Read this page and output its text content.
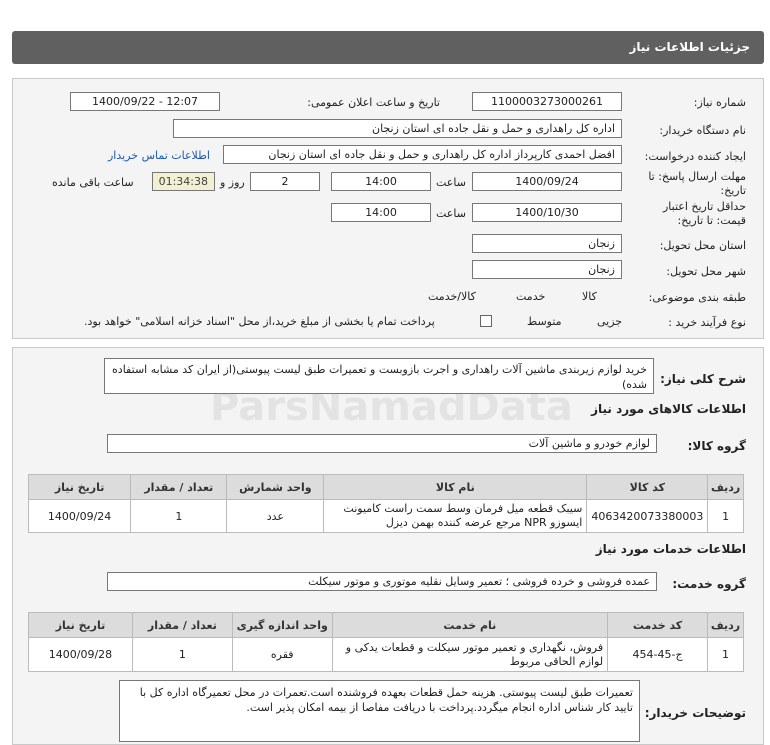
جزئیات اطلاعات نیاز
شماره نیاز:
1100003273000261
تاریخ و ساعت اعلان عمومی:
1400/09/22 - 12:07
نام دستگاه خریدار:
اداره کل راهداری و حمل و نقل جاده ای استان زنجان
ایجاد کننده درخواست:
افضل احمدی کارپرداز اداره کل راهداری و حمل و نقل جاده ای استان زنجان
اطلاعات تماس خریدار
مهلت ارسال پاسخ: تا
تاریخ:
1400/09/24
ساعت
14:00
2
روز و
01:34:38
ساعت باقی مانده
حداقل تاریخ اعتبار
قیمت: تا تاریخ:
1400/10/30
ساعت
14:00
استان محل تحویل:
زنجان
شهر محل تحویل:
زنجان
طبقه بندی موضوعی:

کالا

خدمت

کالا/خدمت
نوع فرآیند خرید :

جزیی
متوسط
پرداخت تمام یا بخشی از مبلغ خرید،از محل "اسناد خزانه اسلامی" خواهد بود.
شرح کلی نیاز:
خرید لوازم زیربندی ماشین آلات راهداری و اجرت بازوبست و تعمیرات طبق لیست پیوستی(از ایران کد مشابه استفاده شده)
اطلاعات کالاهای مورد نیاز
گروه کالا:
لوازم خودرو و ماشین آلات
ردیف	کد کالا	نام کالا	واحد شمارش	تعداد / مقدار	تاریخ نیاز
1	4063420073380003	سیبک قطعه میل فرمان وسط سمت راست کامیونت ایسوزو NPR مرجع عرضه کننده بهمن دیزل	عدد	1	1400/09/24
اطلاعات خدمات مورد نیاز
گروه خدمت:
عمده فروشی و خرده فروشی ؛ تعمیر وسایل نقلیه موتوری و موتور سیکلت
ردیف	کد خدمت	نام خدمت	واحد اندازه گیری	تعداد / مقدار	تاریخ نیاز
1	ج-45-454	فروش، نگهداری و تعمیر موتور سیکلت و قطعات یدکی و لوازم الحاقی مربوط	فقره	1	1400/09/28
توضیحات خریدار:
تعمیرات طبق لیست پیوستی. هزینه حمل قطعات بعهده فروشنده است.تعمرات در محل تعمیرگاه اداره کل با تایید کار شناس اداره انجام میگردد.پرداخت با دریافت مفاصا از بیمه امکان پذیر است.
